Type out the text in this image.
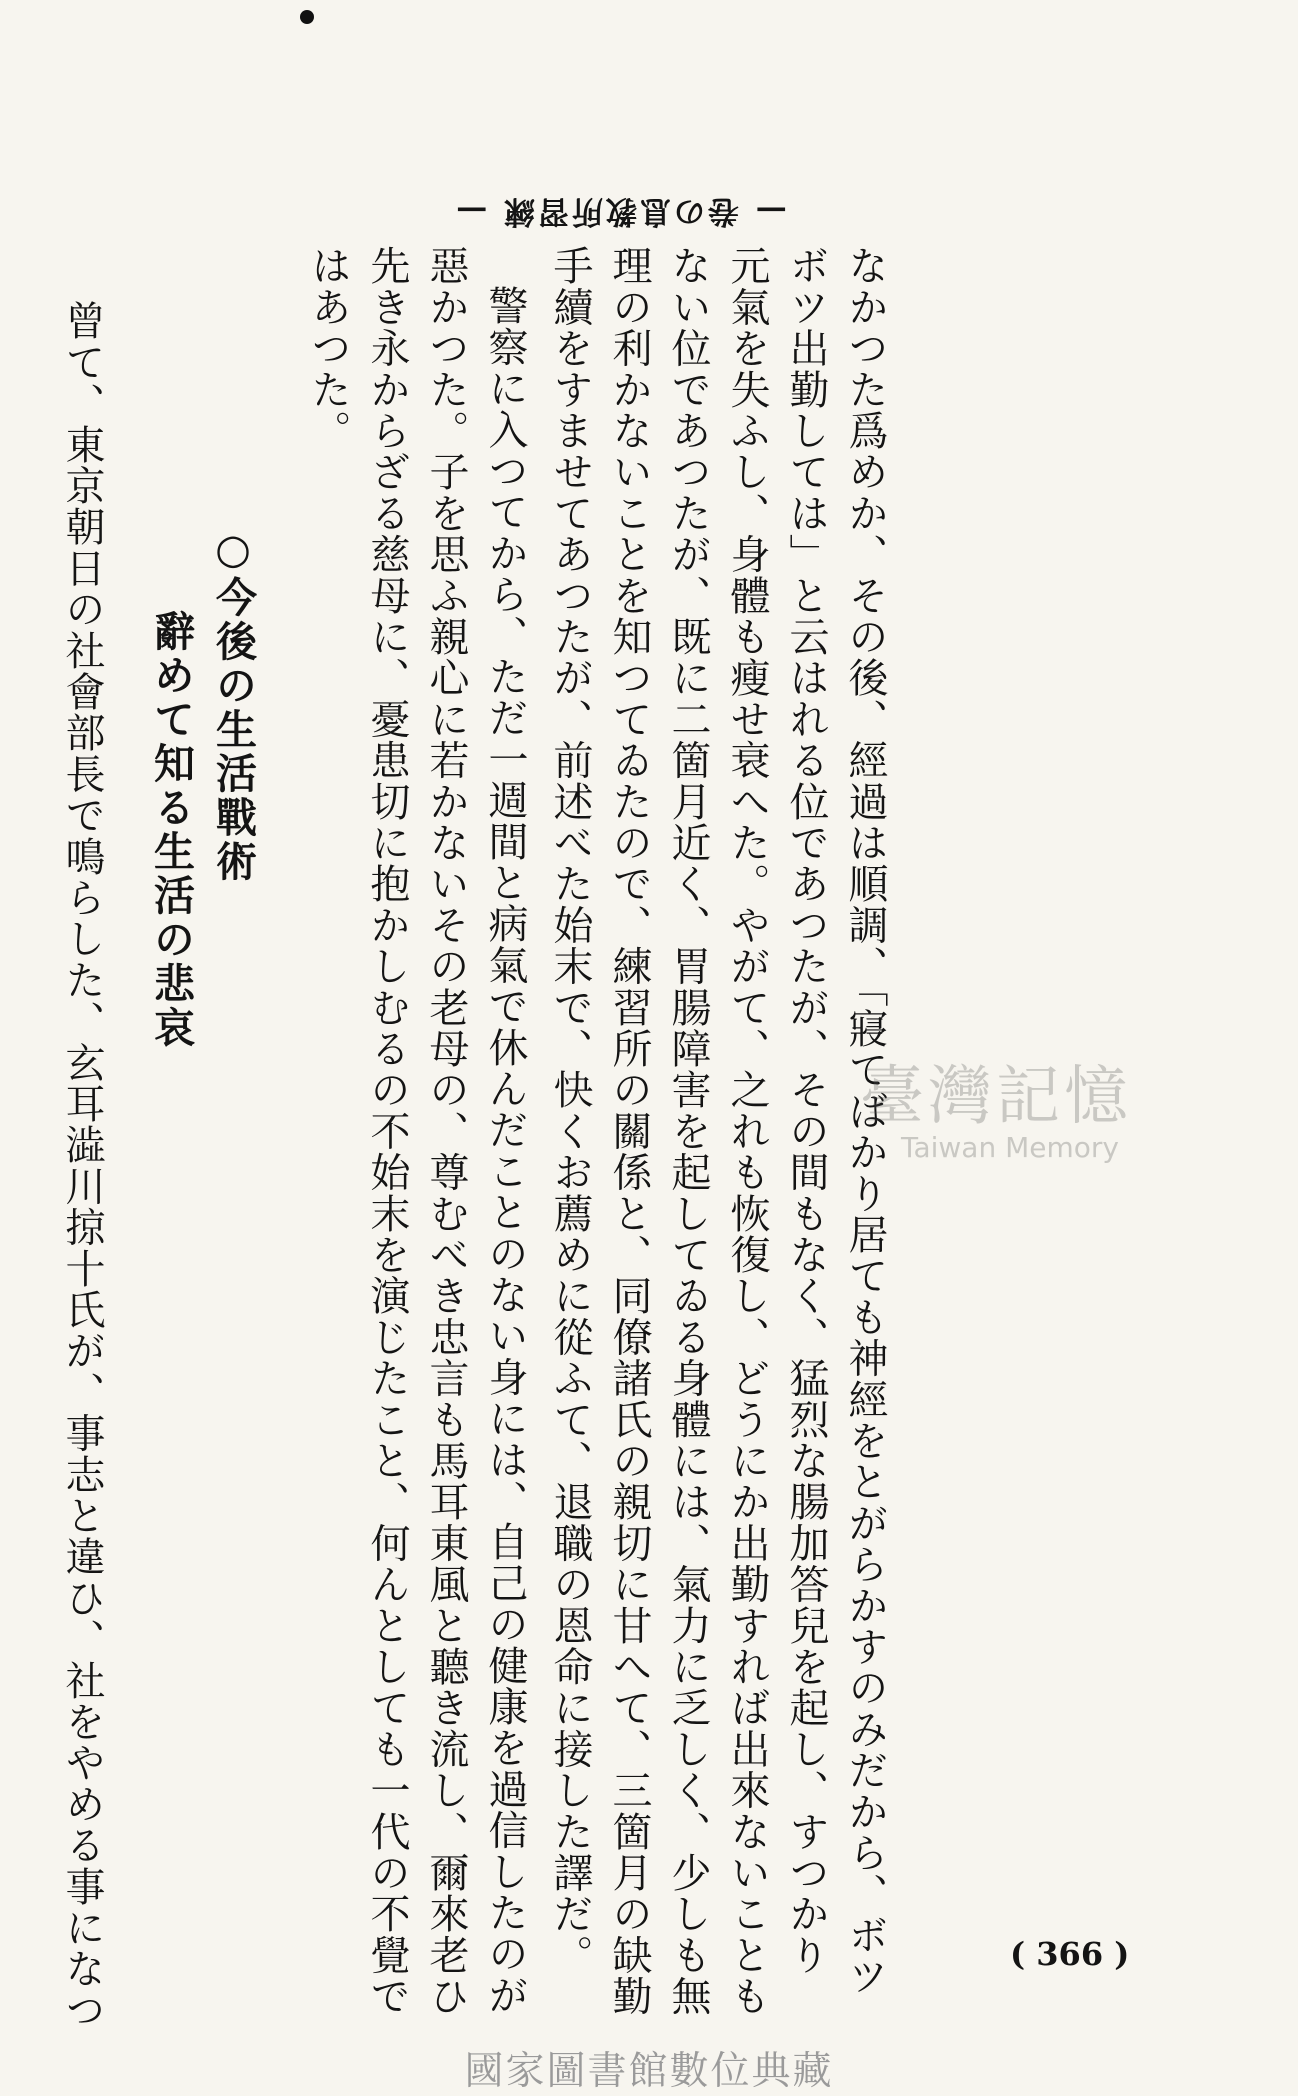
— 卷の息教所習練 —
なかつた爲めか、その後、經過は順調、「寢てばかり居ても神經をとがらかすのみだから、ボツ
ボツ出勤しては」と云はれる位であつたが、その間もなく、猛烈な腸加答兒を起し、すつかり
元氣を失ふし、身體も瘦せ衰へた。やがて、之れも恢復し、どうにか出勤すれば出來ないことも
ない位であつたが、既に二箇月近く、胃腸障害を起してゐる身體には、氣力に乏しく、少しも無
理の利かないことを知つてゐたので、練習所の關係と、同僚諸氏の親切に甘へて、三箇月の缺勤
手續をすませてあつたが、前述べた始末で、快くお薦めに從ふて、退職の恩命に接した譯だ。
警察に入つてから、ただ一週間と病氣で休んだことのない身には、自己の健康を過信したのが
惡かつた。子を思ふ親心に若かないその老母の、尊むべき忠言も馬耳東風と聽き流し、爾來老ひ
先き永からざる慈母に、憂患切に抱かしむるの不始末を演じたこと、何んとしても一代の不覺で
はあつた。
○今後の生活戰術
辭めて知る生活の悲哀
曾て、東京朝日の社會部長で鳴らした、玄耳澁川掠十氏が、事志と違ひ、社をやめる事になつ	臺灣記憶
Taiwan Memory
( 366 )
國家圖書館數位典藏
